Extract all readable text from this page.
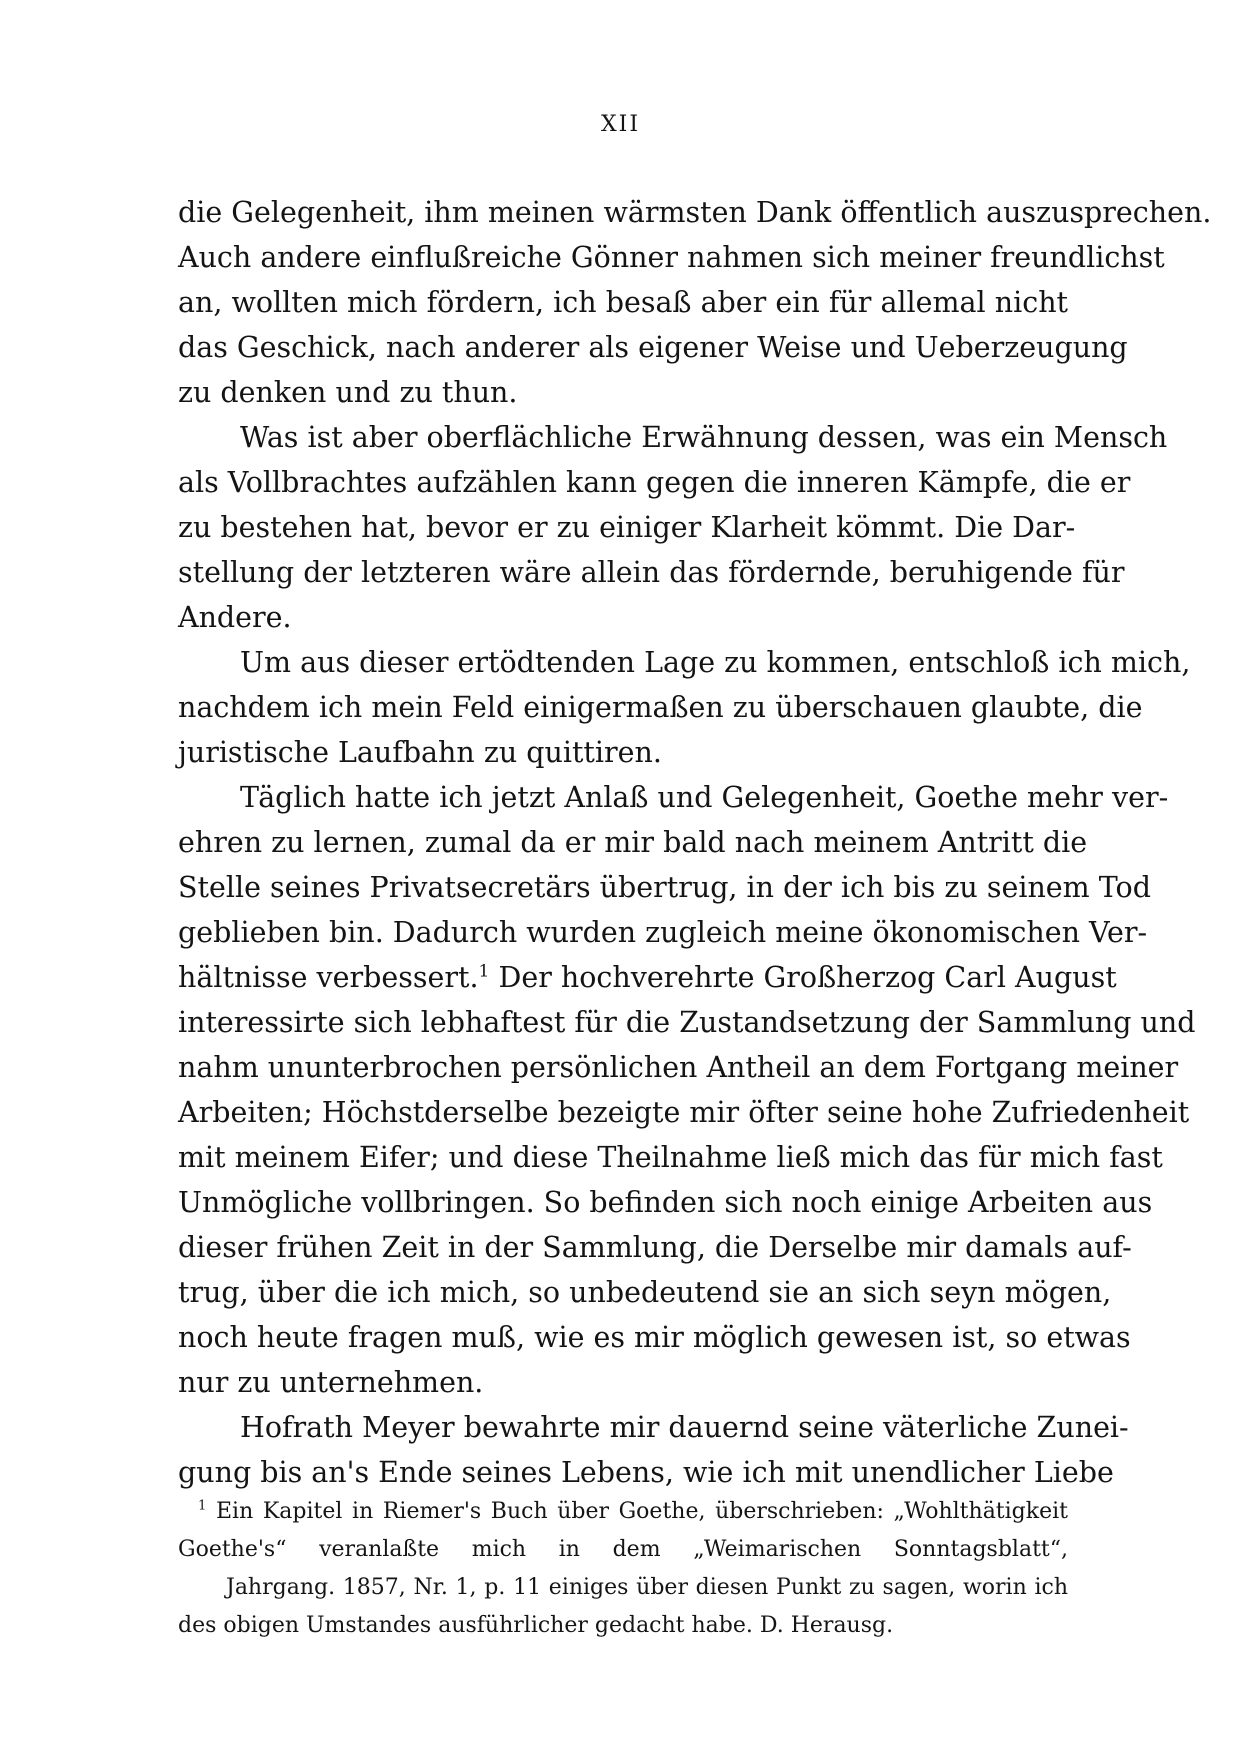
XII
die Gelegenheit, ihm meinen wärmsten Dank öffentlich auszusprechen.
Auch andere einflußreiche Gönner nahmen sich meiner freundlichst
an, wollten mich fördern, ich besaß aber ein für allemal nicht
das Geschick, nach anderer als eigener Weise und Ueberzeugung
zu denken und zu thun.
Was ist aber oberflächliche Erwähnung dessen, was ein Mensch
als Vollbrachtes aufzählen kann gegen die inneren Kämpfe, die er
zu bestehen hat, bevor er zu einiger Klarheit kömmt. Die Dar-
stellung der letzteren wäre allein das fördernde, beruhigende für
Andere.
Um aus dieser ertödtenden Lage zu kommen, entschloß ich mich,
nachdem ich mein Feld einigermaßen zu überschauen glaubte, die
juristische Laufbahn zu quittiren.
Täglich hatte ich jetzt Anlaß und Gelegenheit, Goethe mehr ver-
ehren zu lernen, zumal da er mir bald nach meinem Antritt die
Stelle seines Privatsecretärs übertrug, in der ich bis zu seinem Tod
geblieben bin. Dadurch wurden zugleich meine ökonomischen Ver-
hältnisse verbessert.$^1$ Der hochverehrte Großherzog Carl August
interessirte sich lebhaftest für die Zustandsetzung der Sammlung und
nahm ununterbrochen persönlichen Antheil an dem Fortgang meiner
Arbeiten; Höchstderselbe bezeigte mir öfter seine hohe Zufriedenheit
mit meinem Eifer; und diese Theilnahme ließ mich das für mich fast
Unmögliche vollbringen. So befinden sich noch einige Arbeiten aus
dieser frühen Zeit in der Sammlung, die Derselbe mir damals auf-
trug, über die ich mich, so unbedeutend sie an sich seyn mögen,
noch heute fragen muß, wie es mir möglich gewesen ist, so etwas
nur zu unternehmen.
Hofrath Meyer bewahrte mir dauernd seine väterliche Zunei-
gung bis an's Ende seines Lebens, wie ich mit unendlicher Liebe
$^1$ Ein Kapitel in Riemer's Buch über Goethe, überschrieben: „Wohlthätigkeit
Goethe's“ veranlaßte mich in dem „Weimarischen Sonntagsblatt“,
Jahrgang. 1857, Nr. 1, p. 11 einiges über diesen Punkt zu sagen, worin ich
des obigen Umstandes ausführlicher gedacht habe. D. Herausg.
